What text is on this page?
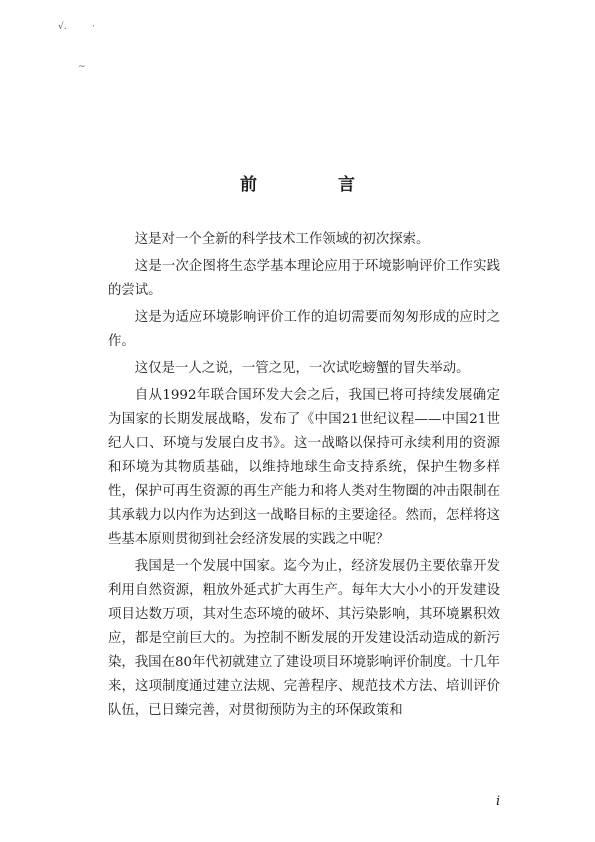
√.	·
~
前　言

这是对一个全新的科学技术工作领域的初次探索。

这是一次企图将生态学基本理论应用于环境影响评价工作实践的尝试。

这是为适应环境影响评价工作的迫切需要而匆匆形成的应时之作。

这仅是一人之说，一管之见，一次试吃螃蟹的冒失举动。

自从1992年联合国环发大会之后，我国已将可持续发展确定为国家的长期发展战略，发布了《中国21世纪议程——中国21世纪人口、环境与发展白皮书》。这一战略以保持可永续利用的资源和环境为其物质基础，以维持地球生命支持系统，保护生物多样性，保护可再生资源的再生产能力和将人类对生物圈的冲击限制在其承载力以内作为达到这一战略目标的主要途径。然而，怎样将这些基本原则贯彻到社会经济发展的实践之中呢？

我国是一个发展中国家。迄今为止，经济发展仍主要依靠开发利用自然资源，粗放外延式扩大再生产。每年大大小小的开发建设项目达数万项，其对生态环境的破坏、其污染影响，其环境累积效应，都是空前巨大的。为控制不断发展的开发建设活动造成的新污染，我国在80年代初就建立了建设项目环境影响评价制度。十几年来，这项制度通过建立法规、完善程序、规范技术方法、培训评价队伍，已日臻完善，对贯彻预防为主的环保政策和

i
